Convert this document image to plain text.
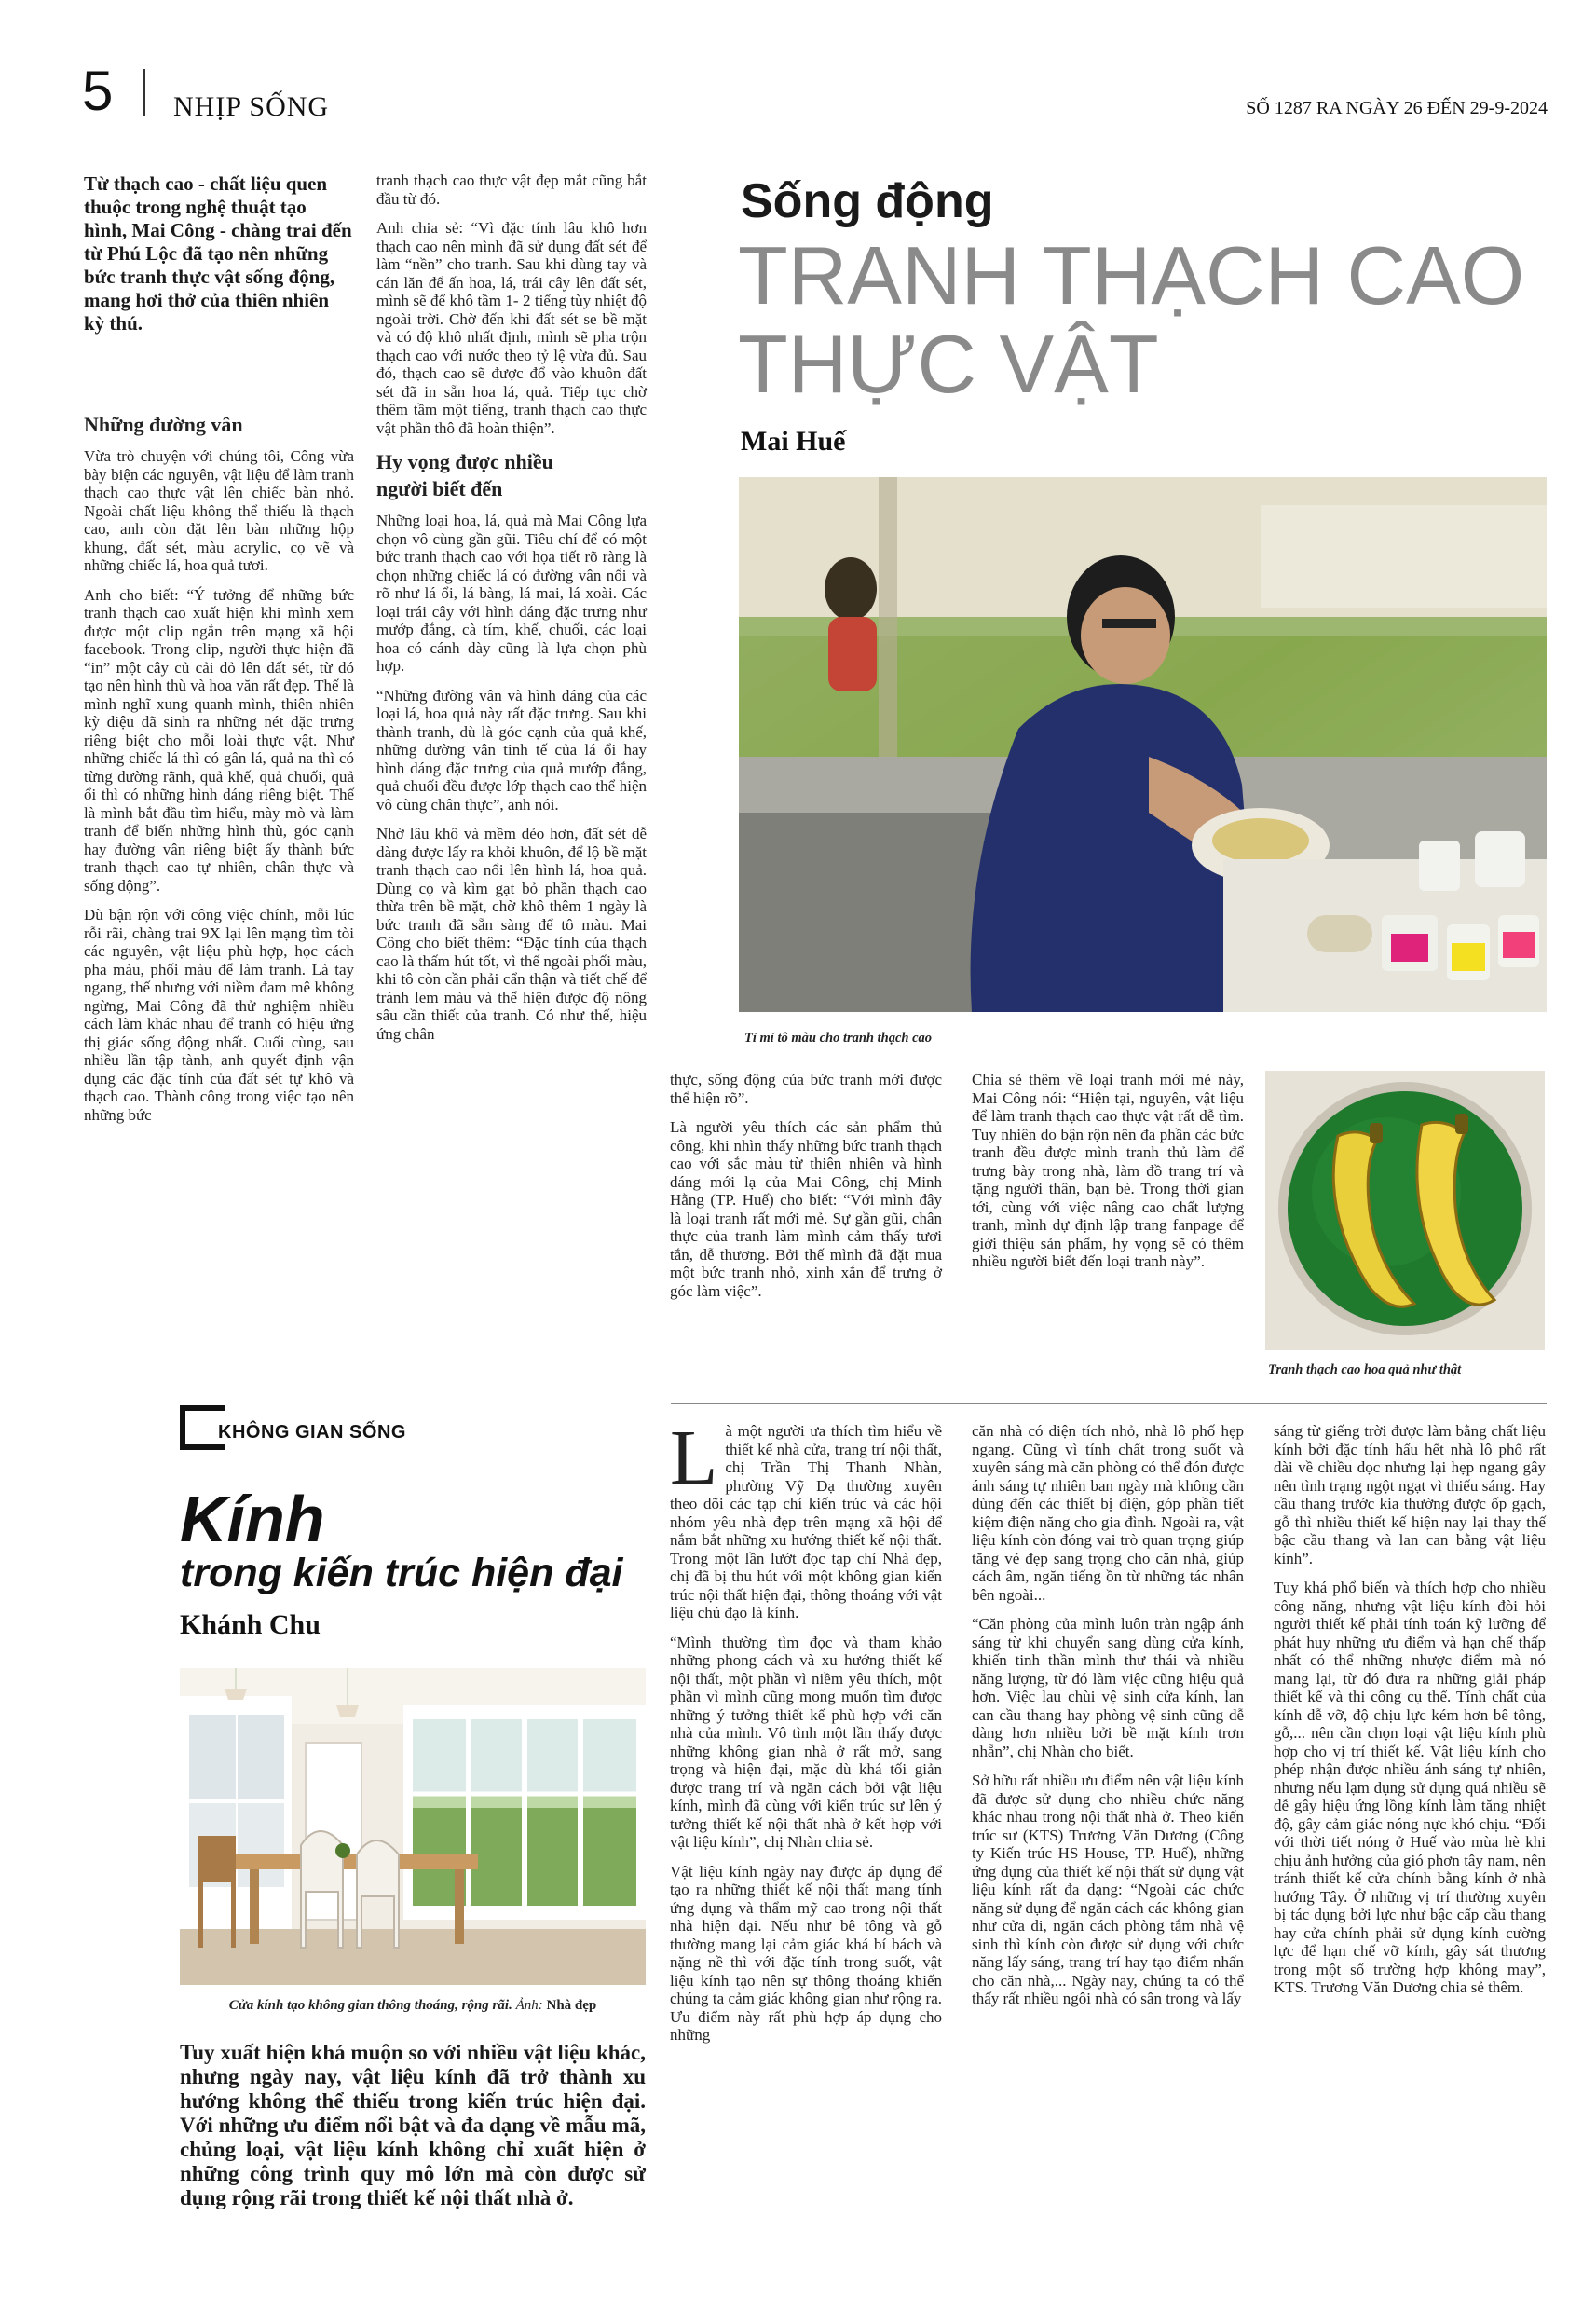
5 NHỊP SỐNG	SỐ 1287 RA NGÀY 26 ĐẾN 29-9-2024
Từ thạch cao - chất liệu quen thuộc trong nghệ thuật tạo hình, Mai Công - chàng trai đến từ Phú Lộc đã tạo nên những bức tranh thực vật sống động, mang hơi thở của thiên nhiên kỳ thú.
Những đường vân

Vừa trò chuyện với chúng tôi, Công vừa bày biện các nguyên, vật liệu để làm tranh thạch cao thực vật lên chiếc bàn nhỏ. Ngoài chất liệu không thể thiếu là thạch cao, anh còn đặt lên bàn những hộp khung, đất sét, màu acrylic, cọ vẽ và những chiếc lá, hoa quả tươi.

Anh cho biết: “Ý tưởng để những bức tranh thạch cao xuất hiện khi mình xem được một clip ngắn trên mạng xã hội facebook. Trong clip, người thực hiện đã “in” một cây củ cải đỏ lên đất sét, từ đó tạo nên hình thù và hoa văn rất đẹp. Thế là mình nghĩ xung quanh mình, thiên nhiên kỳ diệu đã sinh ra những nét đặc trưng riêng biệt cho mỗi loài thực vật. Như những chiếc lá thì có gân lá, quả na thì có từng đường rãnh, quả khế, quả chuối, quả ổi thì có những hình dáng riêng biệt. Thế là mình bắt đầu tìm hiểu, mày mò và làm tranh để biến những hình thù, góc cạnh hay đường vân riêng biệt ấy thành bức tranh thạch cao tự nhiên, chân thực và sống động”.

Dù bận rộn với công việc chính, mỗi lúc rỗi rãi, chàng trai 9X lại lên mạng tìm tòi các nguyên, vật liệu phù hợp, học cách pha màu, phối màu để làm tranh. Là tay ngang, thế nhưng với niềm đam mê không ngừng, Mai Công đã thử nghiệm nhiều cách làm khác nhau để tranh có hiệu ứng thị giác sống động nhất. Cuối cùng, sau nhiều lần tập tành, anh quyết định vận dụng các đặc tính của đất sét tự khô và thạch cao. Thành công trong việc tạo nên những bức

tranh thạch cao thực vật đẹp mắt cũng bắt đầu từ đó.

Anh chia sẻ: “Vì đặc tính lâu khô hơn thạch cao nên mình đã sử dụng đất sét để làm “nền” cho tranh. Sau khi dùng tay và cán lăn để ấn hoa, lá, trái cây lên đất sét, mình sẽ để khô tầm 1- 2 tiếng tùy nhiệt độ ngoài trời. Chờ đến khi đất sét se bề mặt và có độ khô nhất định, mình sẽ pha trộn thạch cao với nước theo tỷ lệ vừa đủ. Sau đó, thạch cao sẽ được đổ vào khuôn đất sét đã in sẵn hoa lá, quả. Tiếp tục chờ thêm tầm một tiếng, tranh thạch cao thực vật phần thô đã hoàn thiện”.

Hy vọng được nhiều người biết đến

Những loại hoa, lá, quả mà Mai Công lựa chọn vô cùng gần gũi. Tiêu chí để có một bức tranh thạch cao với họa tiết rõ ràng là chọn những chiếc lá có đường vân nổi và rõ như lá ổi, lá bàng, lá mai, lá xoài. Các loại trái cây với hình dáng đặc trưng như mướp đắng, cà tím, khế, chuối, các loại hoa có cánh dày cũng là lựa chọn phù hợp.

“Những đường vân và hình dáng của các loại lá, hoa quả này rất đặc trưng. Sau khi thành tranh, dù là góc cạnh của quả khế, những đường vân tinh tế của lá ổi hay hình dáng đặc trưng của quả mướp đắng, quả chuối đều được lớp thạch cao thể hiện vô cùng chân thực”, anh nói.

Nhờ lâu khô và mềm dẻo hơn, đất sét dễ dàng được lấy ra khỏi khuôn, để lộ bề mặt tranh thạch cao nổi lên hình lá, hoa quả. Dùng cọ và kìm gạt bỏ phần thạch cao thừa trên bề mặt, chờ khô thêm 1 ngày là bức tranh đã sẵn sàng để tô màu. Mai Công cho biết thêm: “Đặc tính của thạch cao là thấm hút tốt, vì thế ngoài phối màu, khi tô còn cần phải cẩn thận và tiết chế để tránh lem màu và thể hiện được độ nông sâu cần thiết của tranh. Có như thế, hiệu ứng chân

Sống động
TRANH THẠCH CAO
THỰC VẬT
Mai Huế
Tỉ mỉ tô màu cho tranh thạch cao

thực, sống động của bức tranh mới được thể hiện rõ”.

Là người yêu thích các sản phẩm thủ công, khi nhìn thấy những bức tranh thạch cao với sắc màu từ thiên nhiên và hình dáng mới lạ của Mai Công, chị Minh Hằng (TP. Huế) cho biết: “Với mình đây là loại tranh rất mới mẻ. Sự gần gũi, chân thực của tranh làm mình cảm thấy tươi tắn, dễ thương. Bởi thế mình đã đặt mua một bức tranh nhỏ, xinh xắn để trưng ở góc làm việc”.

Chia sẻ thêm về loại tranh mới mẻ này, Mai Công nói: “Hiện tại, nguyên, vật liệu để làm tranh thạch cao thực vật rất dễ tìm. Tuy nhiên do bận rộn nên đa phần các bức tranh đều được mình tranh thủ làm để trưng bày trong nhà, làm đồ trang trí và tặng người thân, bạn bè. Trong thời gian tới, cùng với việc nâng cao chất lượng tranh, mình dự định lập trang fanpage để giới thiệu sản phẩm, hy vọng sẽ có thêm nhiều người biết đến loại tranh này”.

Tranh thạch cao hoa quả như thật
KHÔNG GIAN SỐNG
Kính
trong kiến trúc hiện đại
Khánh Chu
Cửa kính tạo không gian thông thoáng, rộng rãi. Ảnh: Nhà đẹp
Tuy xuất hiện khá muộn so với nhiều vật liệu khác, nhưng ngày nay, vật liệu kính đã trở thành xu hướng không thể thiếu trong kiến trúc hiện đại. Với những ưu điểm nổi bật và đa dạng về mẫu mã, chủng loại, vật liệu kính không chỉ xuất hiện ở những công trình quy mô lớn mà còn được sử dụng rộng rãi trong thiết kế nội thất nhà ở.

L à một người ưa thích tìm hiểu về thiết kế nhà cửa, trang trí nội thất, chị Trần Thị Thanh Nhàn, phường Vỹ Dạ thường xuyên theo dõi các tạp chí kiến trúc và các hội nhóm yêu nhà đẹp trên mạng xã hội để nắm bắt những xu hướng thiết kế nội thất. Trong một lần lướt đọc tạp chí Nhà đẹp, chị đã bị thu hút với một không gian kiến trúc nội thất hiện đại, thông thoáng với vật liệu chủ đạo là kính.

“Mình thường tìm đọc và tham khảo những phong cách và xu hướng thiết kế nội thất, một phần vì niềm yêu thích, một phần vì mình cũng mong muốn tìm được những ý tưởng thiết kế phù hợp với căn nhà của mình. Vô tình một lần thấy được những không gian nhà ở rất mở, sang trọng và hiện đại, mặc dù khá tối giản được trang trí và ngăn cách bởi vật liệu kính, mình đã cùng với kiến trúc sư lên ý tưởng thiết kế nội thất nhà ở kết hợp với vật liệu kính”, chị Nhàn chia sẻ.

Vật liệu kính ngày nay được áp dụng để tạo ra những thiết kế nội thất mang tính ứng dụng và thẩm mỹ cao trong nội thất nhà hiện đại. Nếu như bê tông và gỗ thường mang lại cảm giác khá bí bách và nặng nề thì với đặc tính trong suốt, vật liệu kính tạo nên sự thông thoáng khiến chúng ta cảm giác không gian như rộng ra. Ưu điểm này rất phù hợp áp dụng cho những

căn nhà có diện tích nhỏ, nhà lô phố hẹp ngang. Cũng vì tính chất trong suốt và xuyên sáng mà căn phòng có thể đón được ánh sáng tự nhiên ban ngày mà không cần dùng đến các thiết bị điện, góp phần tiết kiệm điện năng cho gia đình. Ngoài ra, vật liệu kính còn đóng vai trò quan trọng giúp tăng vẻ đẹp sang trọng cho căn nhà, giúp cách âm, ngăn tiếng ồn từ những tác nhân bên ngoài...

“Căn phòng của mình luôn tràn ngập ánh sáng từ khi chuyển sang dùng cửa kính, khiến tinh thần mình thư thái và nhiều năng lượng, từ đó làm việc cũng hiệu quả hơn. Việc lau chùi vệ sinh cửa kính, lan can cầu thang hay phòng vệ sinh cũng dễ dàng hơn nhiều bởi bề mặt kính trơn nhẵn”, chị Nhàn cho biết.

Sở hữu rất nhiều ưu điểm nên vật liệu kính đã được sử dụng cho nhiều chức năng khác nhau trong nội thất nhà ở. Theo kiến trúc sư (KTS) Trương Văn Dương (Công ty Kiến trúc HS House, TP. Huế), những ứng dụng của thiết kế nội thất sử dụng vật liệu kính rất đa dạng: “Ngoài các chức năng sử dụng để ngăn cách các không gian như cửa đi, ngăn cách phòng tắm nhà vệ sinh thì kính còn được sử dụng với chức năng lấy sáng, trang trí hay tạo điểm nhấn cho căn nhà,... Ngày nay, chúng ta có thể thấy rất nhiều ngôi nhà có sân trong và lấy

sáng từ giếng trời được làm bằng chất liệu kính bởi đặc tính hấu hết nhà lô phố rất dài về chiều dọc nhưng lại hẹp ngang gây nên tình trạng ngột ngạt vì thiếu sáng. Hay cầu thang trước kia thường được ốp gạch, gỗ thì nhiều thiết kế hiện nay lại thay thế bậc cầu thang và lan can bằng vật liệu kính”.

Tuy khá phổ biến và thích hợp cho nhiều công năng, nhưng vật liệu kính đòi hỏi người thiết kế phải tính toán kỹ lưỡng để phát huy những ưu điểm và hạn chế thấp nhất có thể những nhược điểm mà nó mang lại, từ đó đưa ra những giải pháp thiết kế và thi công cụ thể. Tính chất của kính dễ vỡ, độ chịu lực kém hơn bê tông, gỗ,... nên cần chọn loại vật liệu kính phù hợp cho vị trí thiết kế. Vật liệu kính cho phép nhận được nhiều ánh sáng tự nhiên, nhưng nếu lạm dụng sử dụng quá nhiều sẽ dễ gây hiệu ứng lồng kính làm tăng nhiệt độ, gây cảm giác nóng nực khó chịu. “Đối với thời tiết nóng ở Huế vào mùa hè khi chịu ảnh hưởng của gió phơn tây nam, nên tránh thiết kế cửa chính bằng kính ở nhà hướng Tây. Ở những vị trí thường xuyên bị tác dụng bởi lực như bậc cấp cầu thang hay cửa chính phải sử dụng kính cường lực để hạn chế vỡ kính, gây sát thương trong một số trường hợp không may”, KTS. Trương Văn Dương chia sẻ thêm.
